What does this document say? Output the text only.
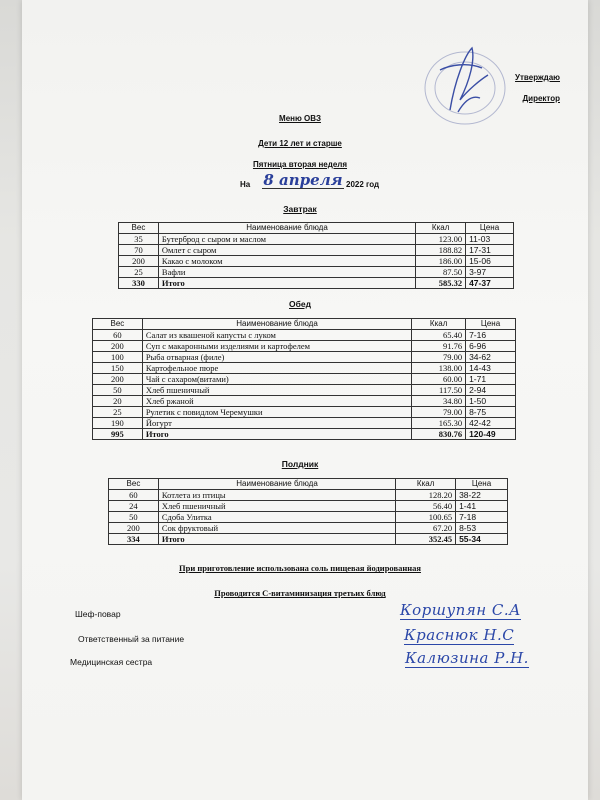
Утверждаю
Директор
Меню ОВЗ
Дети 12 лет и старше
Пятница вторая неделя
На 8 апреля 2022 год
Завтрак
Вес	Наименование блюда	Ккал	Цена
35	Бутерброд с сыром и маслом	123.00	11-03
70	Омлет с сыром	188.82	17-31
200	Какао с молоком	186.00	15-06
25	Вафли	87.50	3-97
330	Итого	585.32	47-37
Обед
Вес	Наименование блюда	Ккал	Цена
60	Салат из квашеной капусты с луком	65.40	7-16
200	Суп с макаронными изделиями и картофелем	91.76	6-96
100	Рыба отварная (филе)	79.00	34-62
150	Картофельное пюре	138.00	14-43
200	Чай с сахаром(витами)	60.00	1-71
50	Хлеб пшеничный	117.50	2-94
20	Хлеб ржаной	34.80	1-50
25	Рулетик с повидлом Черемушки	79.00	8-75
190	Йогурт	165.30	42-42
995	Итого	830.76	120-49
Полдник
Вес	Наименование блюда	Ккал	Цена
60	Котлета из птицы	128.20	38-22
24	Хлеб пшеничный	56.40	1-41
50	Сдоба Улитка	100.65	7-18
200	Сок фруктовый	67.20	8-53
334	Итого	352.45	55-34
При приготовление использована соль пищевая йодированная
Проводится С-витаминизация третьих блюд
Шеф-повар	Коршупян С.А
Ответственный за питание	Краснюк Н.С
Медицинская сестра	Калюзина Р.Н.
